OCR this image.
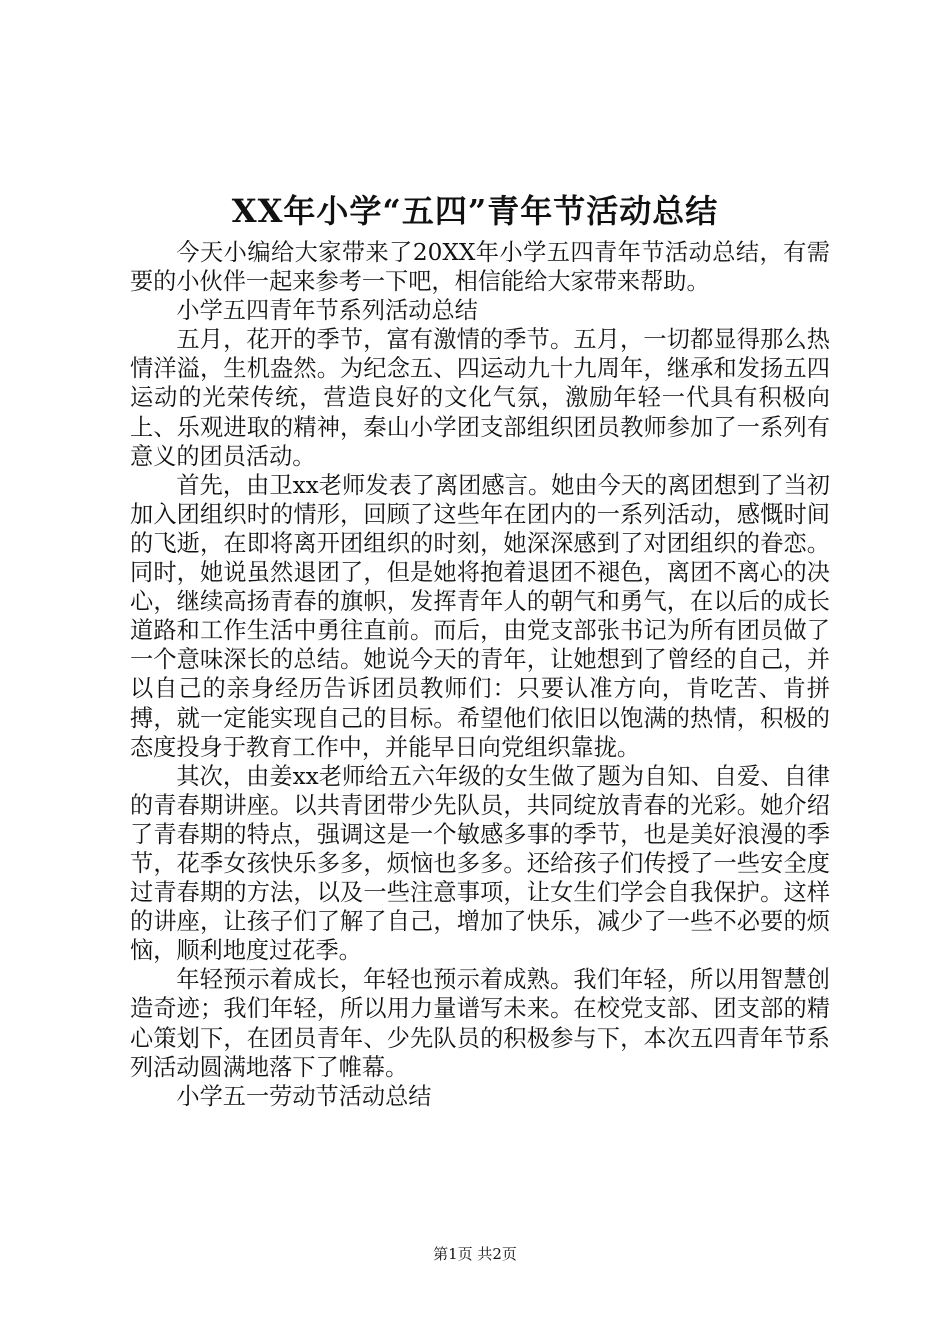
XX年小学“五四”青年节活动总结

今天小编给大家带来了20XX年小学五四青年节活动总结，有需要的小伙伴一起来参考一下吧，相信能给大家带来帮助。

小学五四青年节系列活动总结

五月，花开的季节，富有激情的季节。五月，一切都显得那么热情洋溢，生机盎然。为纪念五、四运动九十九周年，继承和发扬五四运动的光荣传统，营造良好的文化气氛，激励年轻一代具有积极向上、乐观进取的精神，秦山小学团支部组织团员教师参加了一系列有意义的团员活动。

首先，由卫xx老师发表了离团感言。她由今天的离团想到了当初加入团组织时的情形，回顾了这些年在团内的一系列活动，感慨时间的飞逝，在即将离开团组织的时刻，她深深感到了对团组织的眷恋。同时，她说虽然退团了，但是她将抱着退团不褪色，离团不离心的决心，继续高扬青春的旗帜，发挥青年人的朝气和勇气，在以后的成长道路和工作生活中勇往直前。而后，由党支部张书记为所有团员做了一个意味深长的总结。她说今天的青年，让她想到了曾经的自己，并以自己的亲身经历告诉团员教师们：只要认准方向，肯吃苦、肯拼搏，就一定能实现自己的目标。希望他们依旧以饱满的热情，积极的态度投身于教育工作中，并能早日向党组织靠拢。

其次，由姜xx老师给五六年级的女生做了题为自知、自爱、自律的青春期讲座。以共青团带少先队员，共同绽放青春的光彩。她介绍了青春期的特点，强调这是一个敏感多事的季节，也是美好浪漫的季节，花季女孩快乐多多，烦恼也多多。还给孩子们传授了一些安全度过青春期的方法，以及一些注意事项，让女生们学会自我保护。这样的讲座，让孩子们了解了自己，增加了快乐，减少了一些不必要的烦恼，顺利地度过花季。

年轻预示着成长，年轻也预示着成熟。我们年轻，所以用智慧创造奇迹；我们年轻，所以用力量谱写未来。在校党支部、团支部的精心策划下，在团员青年、少先队员的积极参与下，本次五四青年节系列活动圆满地落下了帷幕。

小学五一劳动节活动总结

第1页 共2页
